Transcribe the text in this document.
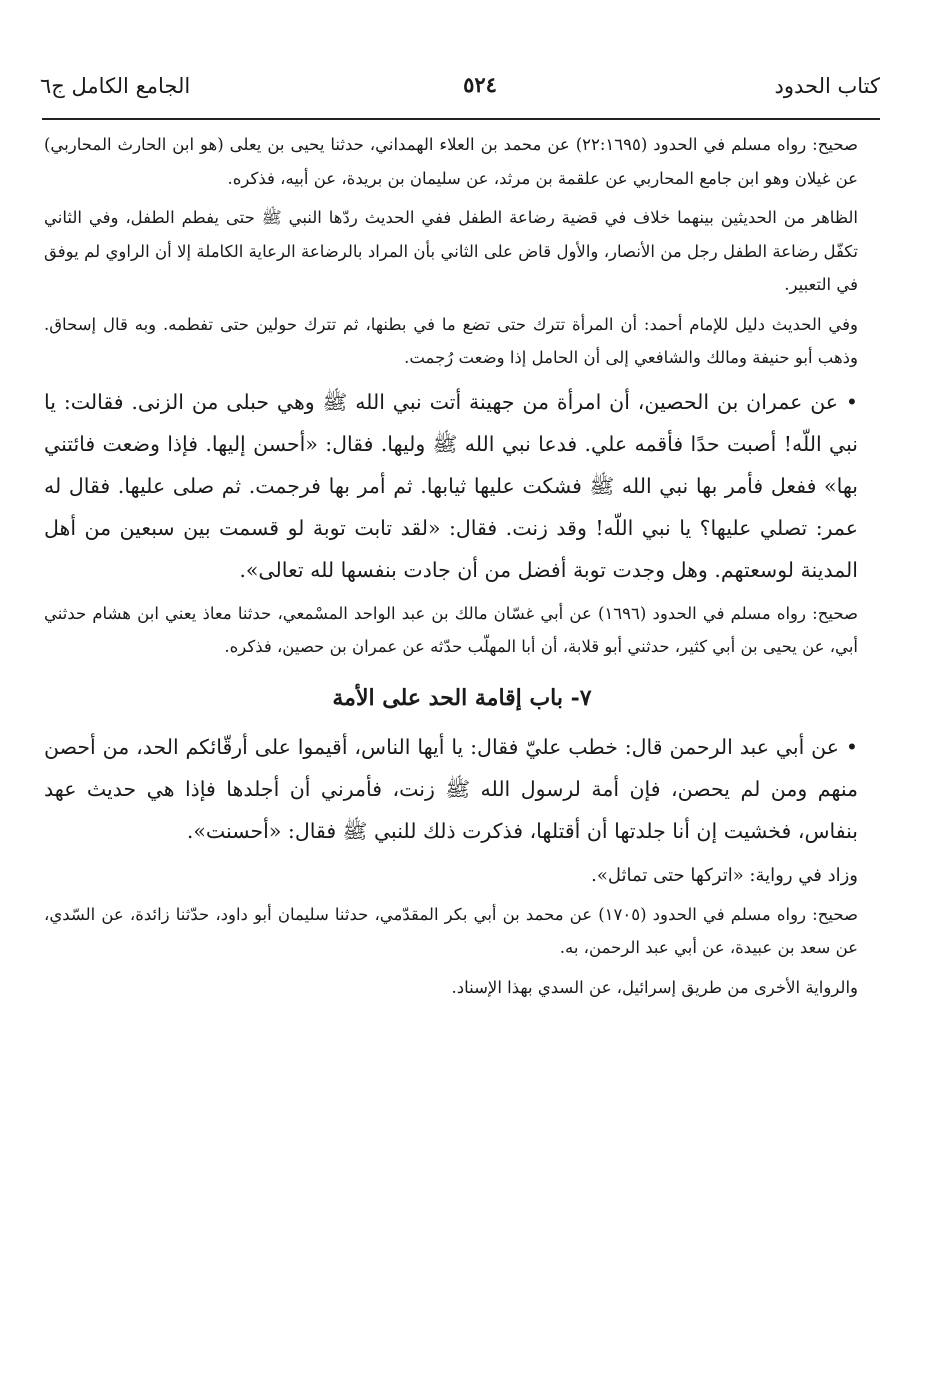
الجامع الكامل ج٦	٥٢٤	كتاب الحدود

صحيح: رواه مسلم في الحدود (٢٢:١٦٩٥) عن محمد بن العلاء الهمداني، حدثنا يحيى بن يعلى (هو ابن الحارث المحاربي) عن غيلان وهو ابن جامع المحاربي عن علقمة بن مرثد، عن سليمان بن بريدة، عن أبيه، فذكره.

الظاهر من الحديثين بينهما خلاف في قضية رضاعة الطفل ففي الحديث ردّها النبي ﷺ حتى يفطم الطفل، وفي الثاني تكفّل رضاعة الطفل رجل من الأنصار، والأول قاض على الثاني بأن المراد بالرضاعة الرعاية الكاملة إلا أن الراوي لم يوفق في التعبير.

وفي الحديث دليل للإمام أحمد: أن المرأة تترك حتى تضع ما في بطنها، ثم تترك حولين حتى تفطمه. وبه قال إسحاق. وذهب أبو حنيفة ومالك والشافعي إلى أن الحامل إذا وضعت رُجمت.

• عن عمران بن الحصين، أن امرأة من جهينة أتت نبي الله ﷺ وهي حبلى من الزنى. فقالت: يا نبي اللّه! أصبت حدًا فأقمه علي. فدعا نبي الله ﷺ وليها. فقال: «أحسن إليها. فإذا وضعت فائتني بها» ففعل فأمر بها نبي الله ﷺ فشكت عليها ثيابها. ثم أمر بها فرجمت. ثم صلى عليها. فقال له عمر: تصلي عليها؟ يا نبي اللّه! وقد زنت. فقال: «لقد تابت توبة لو قسمت بين سبعين من أهل المدينة لوسعتهم. وهل وجدت توبة أفضل من أن جادت بنفسها لله تعالى».

صحيح: رواه مسلم في الحدود (١٦٩٦) عن أبي غسّان مالك بن عبد الواحد المسْمعي، حدثنا معاذ يعني ابن هشام حدثني أبي، عن يحيى بن أبي كثير، حدثني أبو قلابة، أن أبا المهلّب حدّثه عن عمران بن حصين، فذكره.

٧- باب إقامة الحد على الأمة

• عن أبي عبد الرحمن قال: خطب عليّ فقال: يا أيها الناس، أقيموا على أرقّائكم الحد، من أحصن منهم ومن لم يحصن، فإن أمة لرسول الله ﷺ زنت، فأمرني أن أجلدها فإذا هي حديث عهد بنفاس، فخشيت إن أنا جلدتها أن أقتلها، فذكرت ذلك للنبي ﷺ فقال: «أحسنت».

وزاد في رواية: «اتركها حتى تماثل».

صحيح: رواه مسلم في الحدود (١٧٠٥) عن محمد بن أبي بكر المقدّمي، حدثنا سليمان أبو داود، حدّثنا زائدة، عن السّدي، عن سعد بن عبيدة، عن أبي عبد الرحمن، به.

والرواية الأخرى من طريق إسرائيل، عن السدي بهذا الإسناد.
